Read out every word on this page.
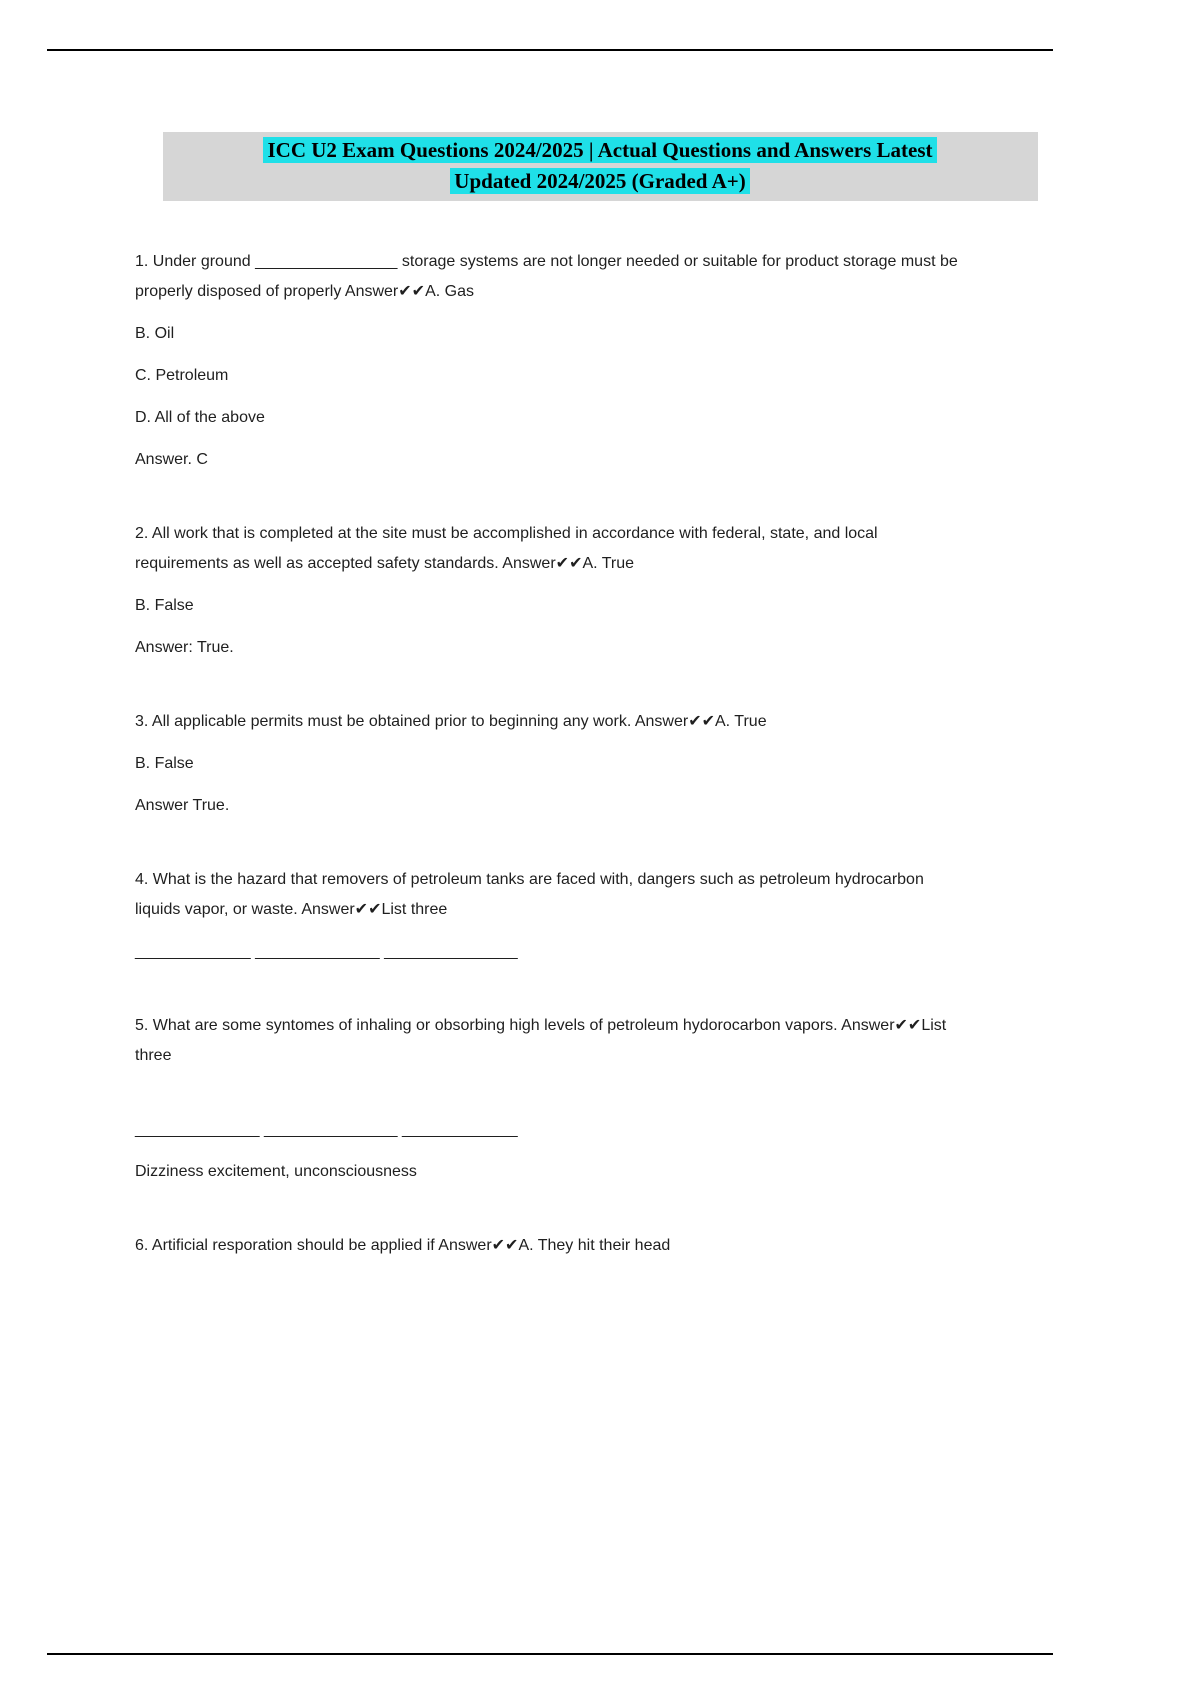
ICC U2 Exam Questions 2024/2025 | Actual Questions and Answers Latest
Updated 2024/2025 (Graded A+)

1. Under ground ________________ storage systems are not longer needed or suitable for product storage must be properly disposed of properly Answer✔✔A. Gas

B. Oil

C. Petroleum

D. All of the above

Answer. C

2. All work that is completed at the site must be accomplished in accordance with federal, state, and local requirements as well as accepted safety standards. Answer✔✔A. True

B. False

Answer: True.

3. All applicable permits must be obtained prior to beginning any work. Answer✔✔A. True

B. False

Answer True.

4. What is the hazard that removers of petroleum tanks are faced with, dangers such as petroleum hydrocarbon liquids vapor, or waste. Answer✔✔List three

_____________ ______________ _______________

5. What are some syntomes of inhaling or obsorbing high levels of petroleum hydorocarbon vapors. Answer✔✔List three

______________ _______________ _____________

Dizziness excitement, unconsciousness

6. Artificial resporation should be applied if Answer✔✔A. They hit their head
